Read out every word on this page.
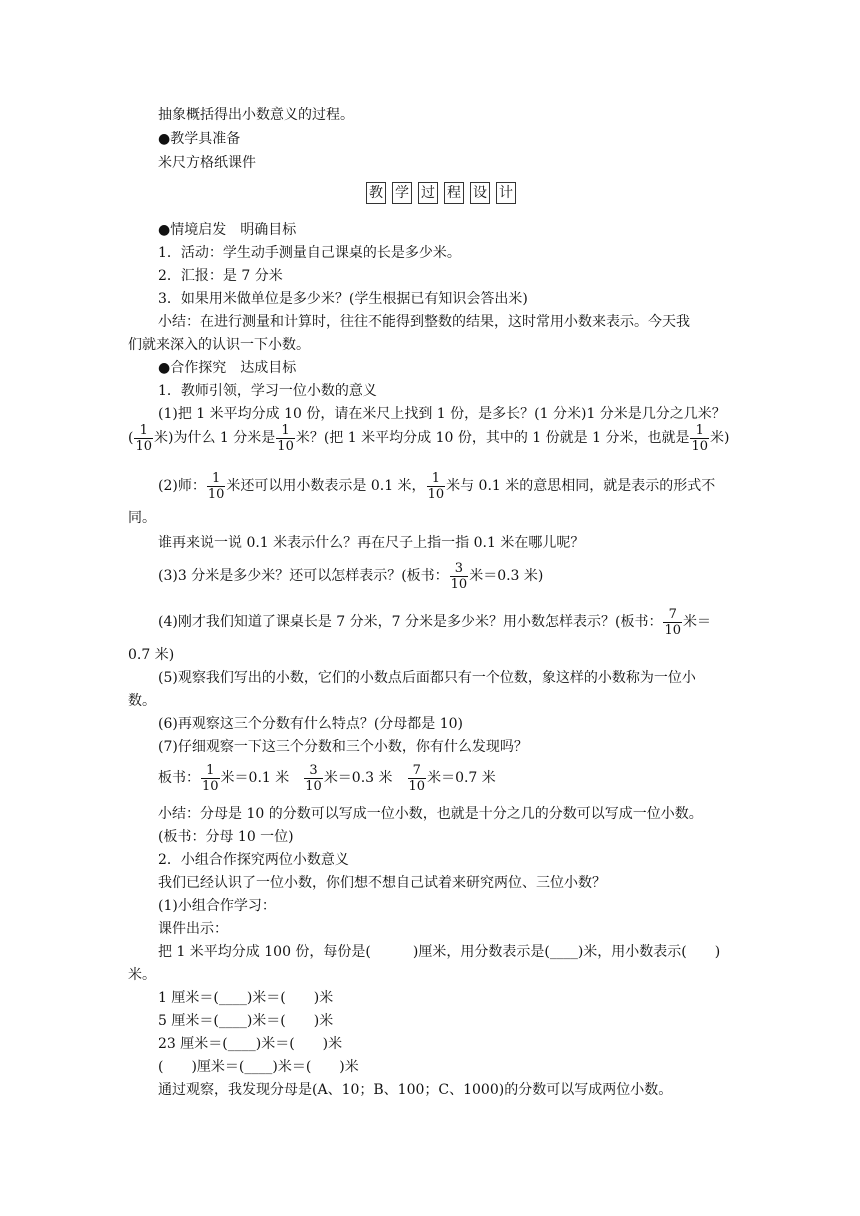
抽象概括得出小数意义的过程。
●教学具准备
米尺方格纸课件
教 学 过 程 设 计
●情境启发　明确目标
1．活动：学生动手测量自己课桌的长是多少米。
2．汇报：是 7 分米
3．如果用米做单位是多少米？(学生根据已有知识会答出米)
小结：在进行测量和计算时，往往不能得到整数的结果，这时常用小数来表示。今天我
们就来深入的认识一下小数。
●合作探究　达成目标
1．教师引领，学习一位小数的意义
(1)把 1 米平均分成 10 份，请在米尺上找到 1 份，是多长？(1 分米)1 分米是几分之几米？
( $\frac{1}{10}$ 米)为什么 1 分米是 $\frac{1}{10}$ 米？(把 1 米平均分成 10 份，其中的 1 份就是 1 分米，也就是 $\frac{1}{10}$ 米)
(2)师： $\frac{1}{10}$ 米还可以用小数表示是 0.1 米， $\frac{1}{10}$ 米与 0.1 米的意思相同，就是表示的形式不
同。
谁再来说一说 0.1 米表示什么？再在尺子上指一指 0.1 米在哪儿呢？
(3)3 分米是多少米？还可以怎样表示？(板书： $\frac{3}{10}$ 米＝0.3 米)
(4)刚才我们知道了课桌长是 7 分米，7 分米是多少米？用小数怎样表示？(板书： $\frac{7}{10}$ 米＝
0.7 米)
(5)观察我们写出的小数，它们的小数点后面都只有一个位数，象这样的小数称为一位小
数。
(6)再观察这三个分数有什么特点？(分母都是 10)
(7)仔细观察一下这三个分数和三个小数，你有什么发现吗？
板书： $\frac{1}{10}$ 米＝0.1 米 $\frac{3}{10}$ 米＝0.3 米 $\frac{7}{10}$ 米＝0.7 米
小结：分母是 10 的分数可以写成一位小数，也就是十分之几的分数可以写成一位小数。
(板书：分母 10 一位)
2．小组合作探究两位小数意义
我们已经认识了一位小数，你们想不想自己试着来研究两位、三位小数？
(1)小组合作学习：
课件出示：
把 1 米平均分成 100 份，每份是(　　　)厘米，用分数表示是(____)米，用小数表示(　　)
米。
1 厘米＝(____)米＝(　　)米
5 厘米＝(____)米＝(　　)米
23 厘米＝(____)米＝(　　)米
(　　)厘米＝(____)米＝(　　)米
通过观察，我发现分母是(A、10；B、100；C、1000)的分数可以写成两位小数。
